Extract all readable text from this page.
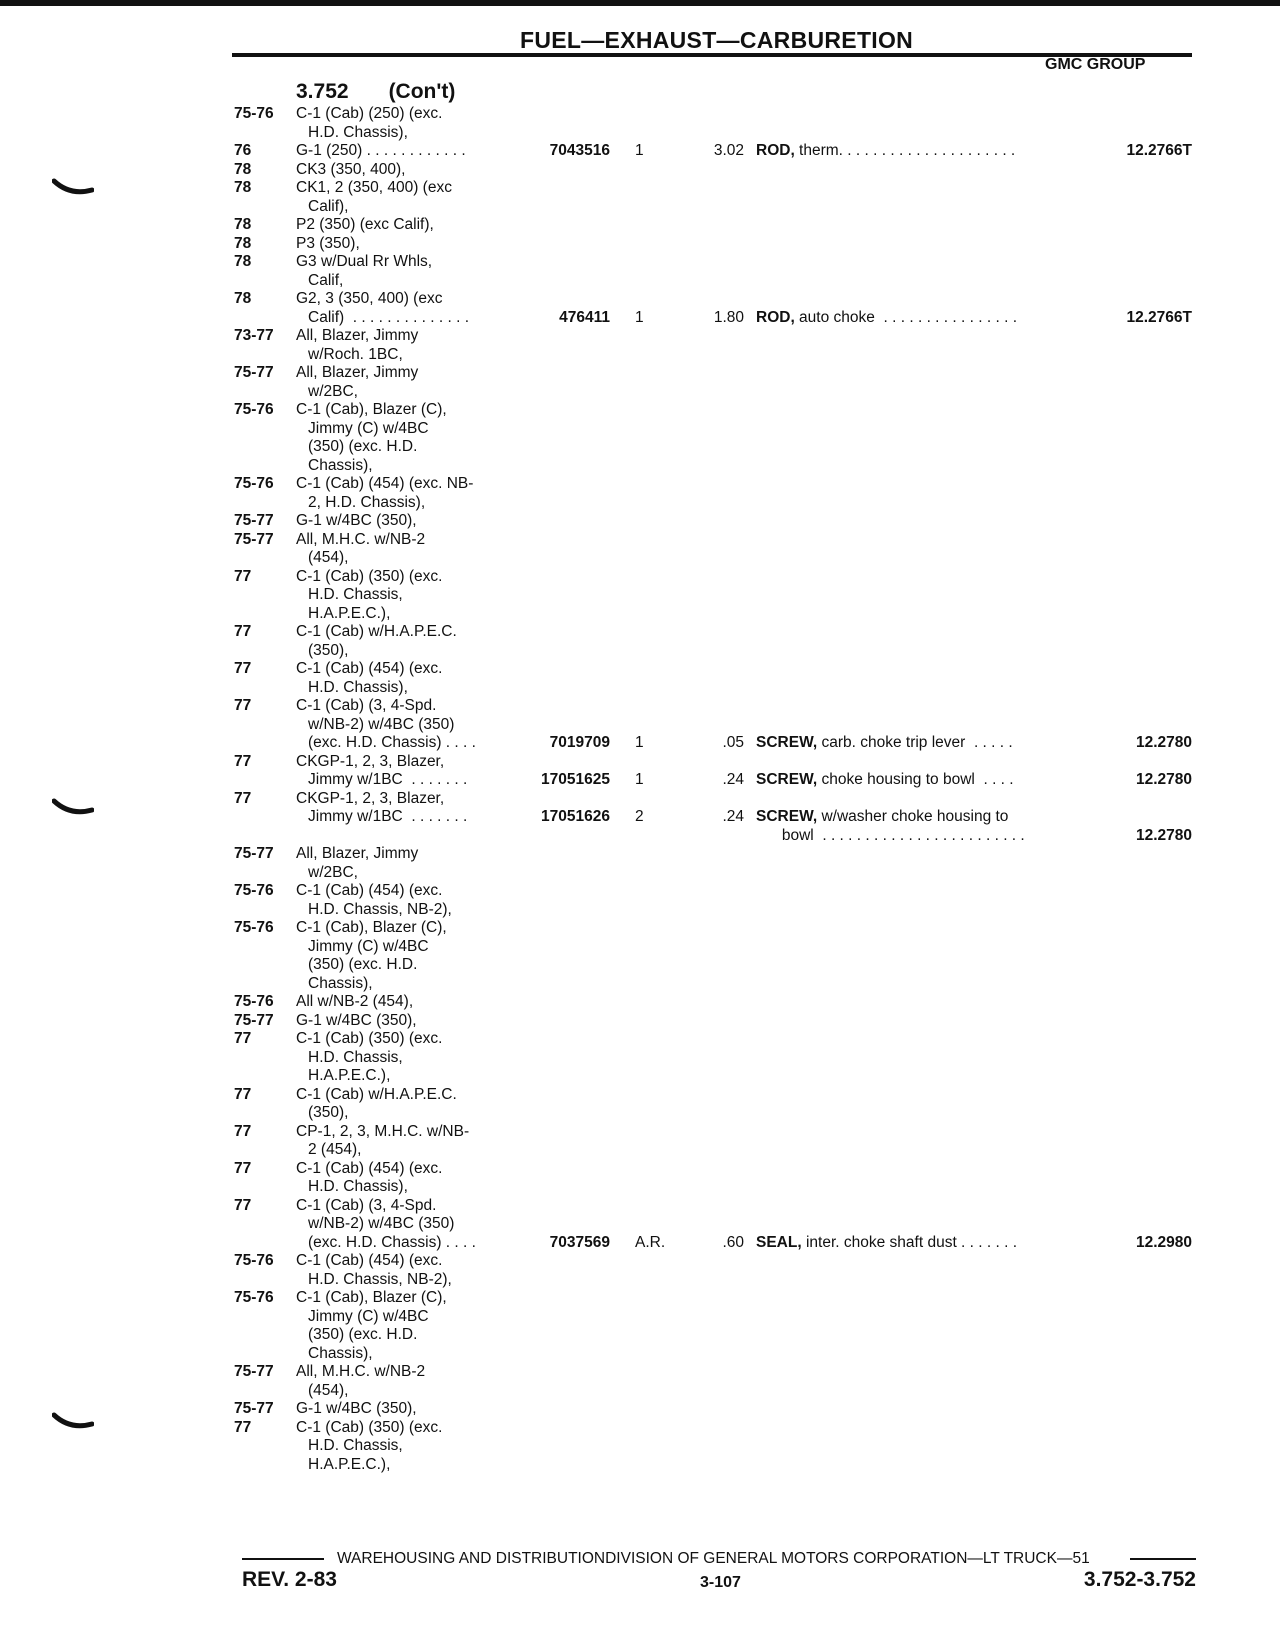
FUEL—EXHAUST—CARBURETION
GMC GROUP
3.752 (Con't)
75-76 C-1 (Cab) (250) (exc.
H.D. Chassis),
76	G-1 (250) . . . . . . . . . . . .	7043516 1	3.02 ROD, therm. . . . . . . . . . . . . . . . . . . . .	12.2766T
78	CK3 (350, 400),
78	CK1, 2 (350, 400) (exc
Calif),
78	P2 (350) (exc Calif),
78	P3 (350),
78	G3 w/Dual Rr Whls,
Calif,
78	G2, 3 (350, 400) (exc
Calif)  . . . . . . . . . . . . . .	476411 1	1.80 ROD, auto choke  . . . . . . . . . . . . . . . .	12.2766T
73-77 All, Blazer, Jimmy
w/Roch. 1BC,
75-77 All, Blazer, Jimmy
w/2BC,
75-76 C-1 (Cab), Blazer (C),
Jimmy (C) w/4BC
(350) (exc. H.D.
Chassis),
75-76 C-1 (Cab) (454) (exc. NB-
2, H.D. Chassis),
75-77 G-1 w/4BC (350),
75-77 All, M.H.C. w/NB-2
(454),
77	C-1 (Cab) (350) (exc.
H.D. Chassis,
H.A.P.E.C.),
77	C-1 (Cab) w/H.A.P.E.C.
(350),
77	C-1 (Cab) (454) (exc.
H.D. Chassis),
77	C-1 (Cab) (3, 4-Spd.
w/NB-2) w/4BC (350)
(exc. H.D. Chassis) . . . .	7019709 1	.05 SCREW, carb. choke trip lever  . . . . .	12.2780
77	CKGP-1, 2, 3, Blazer,
Jimmy w/1BC  . . . . . . .	17051625 1	.24 SCREW, choke housing to bowl  . . . .	12.2780
77	CKGP-1, 2, 3, Blazer,
Jimmy w/1BC  . . . . . . .	17051626 2	.24 SCREW, w/washer choke housing to
bowl  . . . . . . . . . . . . . . . . . . . . . . . .	12.2780
75-77 All, Blazer, Jimmy
w/2BC,
75-76 C-1 (Cab) (454) (exc.
H.D. Chassis, NB-2),
75-76 C-1 (Cab), Blazer (C),
Jimmy (C) w/4BC
(350) (exc. H.D.
Chassis),
75-76 All w/NB-2 (454),
75-77 G-1 w/4BC (350),
77	C-1 (Cab) (350) (exc.
H.D. Chassis,
H.A.P.E.C.),
77	C-1 (Cab) w/H.A.P.E.C.
(350),
77	CP-1, 2, 3, M.H.C. w/NB-
2 (454),
77	C-1 (Cab) (454) (exc.
H.D. Chassis),
77	C-1 (Cab) (3, 4-Spd.
w/NB-2) w/4BC (350)
(exc. H.D. Chassis) . . . .	7037569 A.R.	.60 SEAL, inter. choke shaft dust . . . . . . .	12.2980
75-76 C-1 (Cab) (454) (exc.
H.D. Chassis, NB-2),
75-76 C-1 (Cab), Blazer (C),
Jimmy (C) w/4BC
(350) (exc. H.D.
Chassis),
75-77 All, M.H.C. w/NB-2
(454),
75-77 G-1 w/4BC (350),
77	C-1 (Cab) (350) (exc.
H.D. Chassis,
H.A.P.E.C.),
WAREHOUSING AND DISTRIBUTIONDIVISION OF GENERAL MOTORS CORPORATION—LT TRUCK—51
REV. 2-83	3-107	3.752-3.752
